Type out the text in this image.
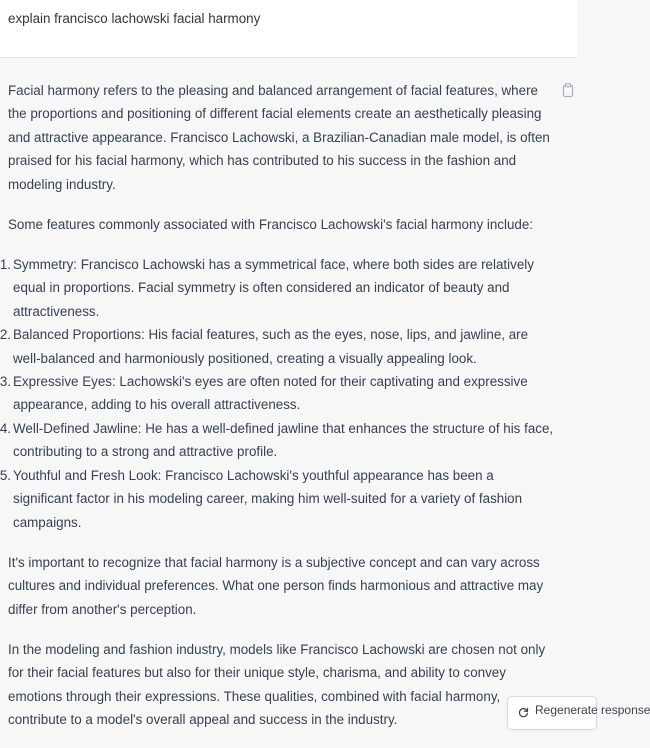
explain francisco lachowski facial harmony

Facial harmony refers to the pleasing and balanced arrangement of facial features, where the proportions and positioning of different facial elements create an aesthetically pleasing and attractive appearance. Francisco Lachowski, a Brazilian-Canadian male model, is often praised for his facial harmony, which has contributed to his success in the fashion and modeling industry.

Some features commonly associated with Francisco Lachowski's facial harmony include:

1. Symmetry: Francisco Lachowski has a symmetrical face, where both sides are relatively equal in proportions. Facial symmetry is often considered an indicator of beauty and attractiveness.
2. Balanced Proportions: His facial features, such as the eyes, nose, lips, and jawline, are well-balanced and harmoniously positioned, creating a visually appealing look.
3. Expressive Eyes: Lachowski's eyes are often noted for their captivating and expressive appearance, adding to his overall attractiveness.
4. Well-Defined Jawline: He has a well-defined jawline that enhances the structure of his face, contributing to a strong and attractive profile.
5. Youthful and Fresh Look: Francisco Lachowski's youthful appearance has been a significant factor in his modeling career, making him well-suited for a variety of fashion campaigns.

It's important to recognize that facial harmony is a subjective concept and can vary across cultures and individual preferences. What one person finds harmonious and attractive may differ from another's perception.

In the modeling and fashion industry, models like Francisco Lachowski are chosen not only for their facial features but also for their unique style, charisma, and ability to convey emotions through their expressions. These qualities, combined with facial harmony, contribute to a model's overall appeal and success in the industry.

Regenerate response
